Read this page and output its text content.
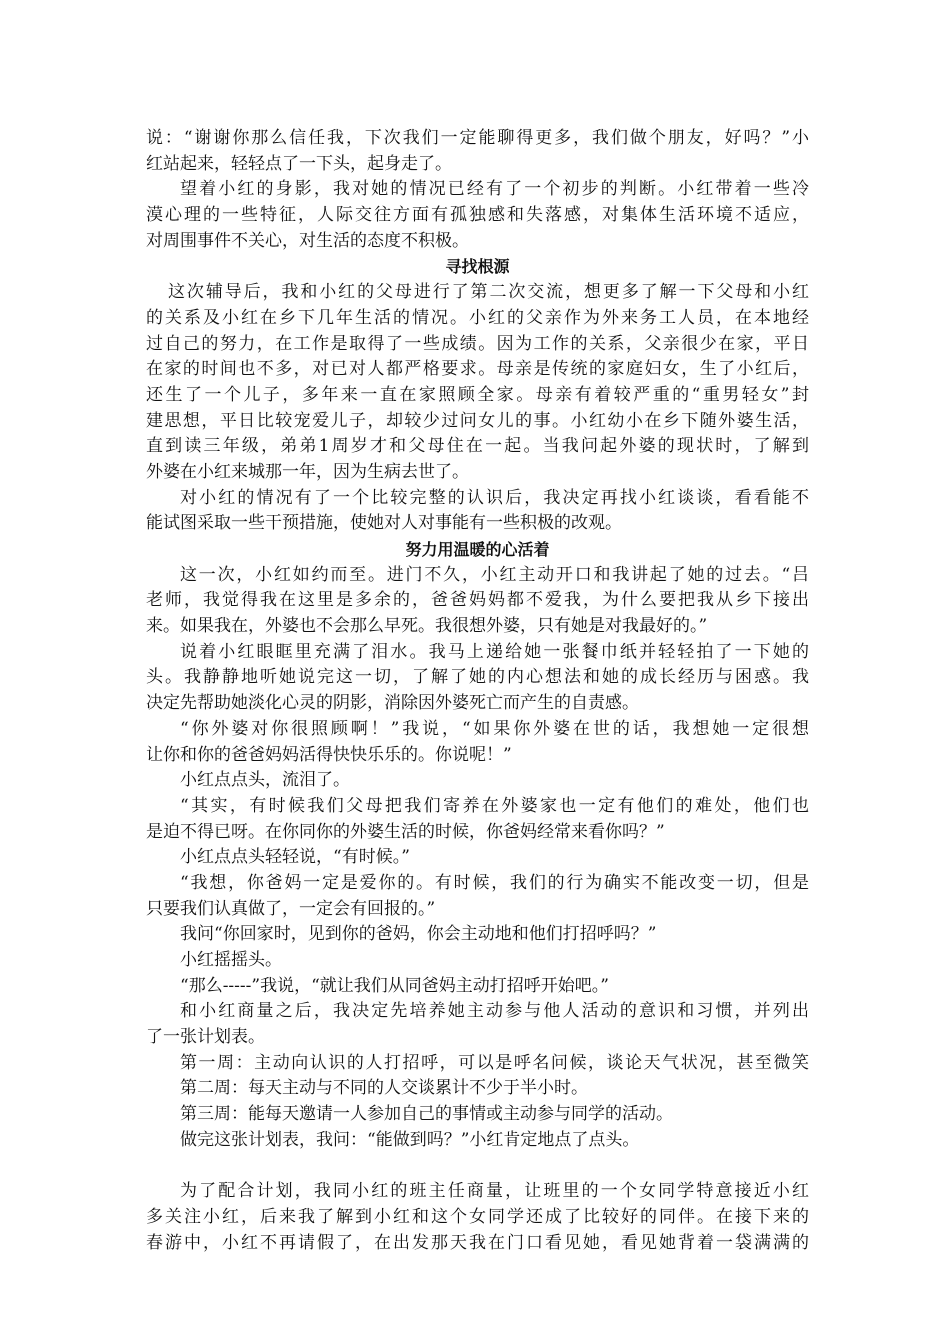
说：“谢谢你那么信任我，下次我们一定能聊得更多，我们做个朋友，好吗？”小
红站起来，轻轻点了一下头，起身走了。
望着小红的身影，我对她的情况已经有了一个初步的判断。小红带着一些冷
漠心理的一些特征，人际交往方面有孤独感和失落感，对集体生活环境不适应，
对周围事件不关心，对生活的态度不积极。
寻找根源
这次辅导后，我和小红的父母进行了第二次交流，想更多了解一下父母和小红
的关系及小红在乡下几年生活的情况。小红的父亲作为外来务工人员，在本地经
过自己的努力，在工作是取得了一些成绩。因为工作的关系，父亲很少在家，平日
在家的时间也不多，对已对人都严格要求。母亲是传统的家庭妇女，生了小红后，
还生了一个儿子，多年来一直在家照顾全家。母亲有着较严重的“重男轻女”封
建思想，平日比较宠爱儿子，却较少过问女儿的事。小红幼小在乡下随外婆生活，
直到读三年级，弟弟1周岁才和父母住在一起。当我问起外婆的现状时，了解到
外婆在小红来城那一年，因为生病去世了。
对小红的情况有了一个比较完整的认识后，我决定再找小红谈谈，看看能不
能试图采取一些干预措施，使她对人对事能有一些积极的改观。
努力用温暖的心活着
这一次，小红如约而至。进门不久，小红主动开口和我讲起了她的过去。“吕
老师，我觉得我在这里是多余的，爸爸妈妈都不爱我，为什么要把我从乡下接出
来。如果我在，外婆也不会那么早死。我很想外婆，只有她是对我最好的。”
说着小红眼眶里充满了泪水。我马上递给她一张餐巾纸并轻轻拍了一下她的
头。我静静地听她说完这一切，了解了她的内心想法和她的成长经历与困惑。我
决定先帮助她淡化心灵的阴影，消除因外婆死亡而产生的自责感。
“你外婆对你很照顾啊！”我说，“如果你外婆在世的话，我想她一定很想
让你和你的爸爸妈妈活得快快乐乐的。你说呢！”
小红点点头，流泪了。
“其实，有时候我们父母把我们寄养在外婆家也一定有他们的难处，他们也
是迫不得已呀。在你同你的外婆生活的时候，你爸妈经常来看你吗？”
小红点点头轻轻说，“有时候。”
“我想，你爸妈一定是爱你的。有时候，我们的行为确实不能改变一切，但是
只要我们认真做了，一定会有回报的。”
我问“你回家时，见到你的爸妈，你会主动地和他们打招呼吗？”
小红摇摇头。
“那么-----”我说，“就让我们从同爸妈主动打招呼开始吧。”
和小红商量之后，我决定先培养她主动参与他人活动的意识和习惯，并列出
了一张计划表。
第一周：主动向认识的人打招呼，可以是呼名问候，谈论天气状况，甚至微笑
第二周：每天主动与不同的人交谈累计不少于半小时。
第三周：能每天邀请一人参加自己的事情或主动参与同学的活动。
做完这张计划表，我问：“能做到吗？”小红肯定地点了点头。
为了配合计划，我同小红的班主任商量，让班里的一个女同学特意接近小红
多关注小红，后来我了解到小红和这个女同学还成了比较好的同伴。在接下来的
春游中，小红不再请假了，在出发那天我在门口看见她，看见她背着一袋满满的
